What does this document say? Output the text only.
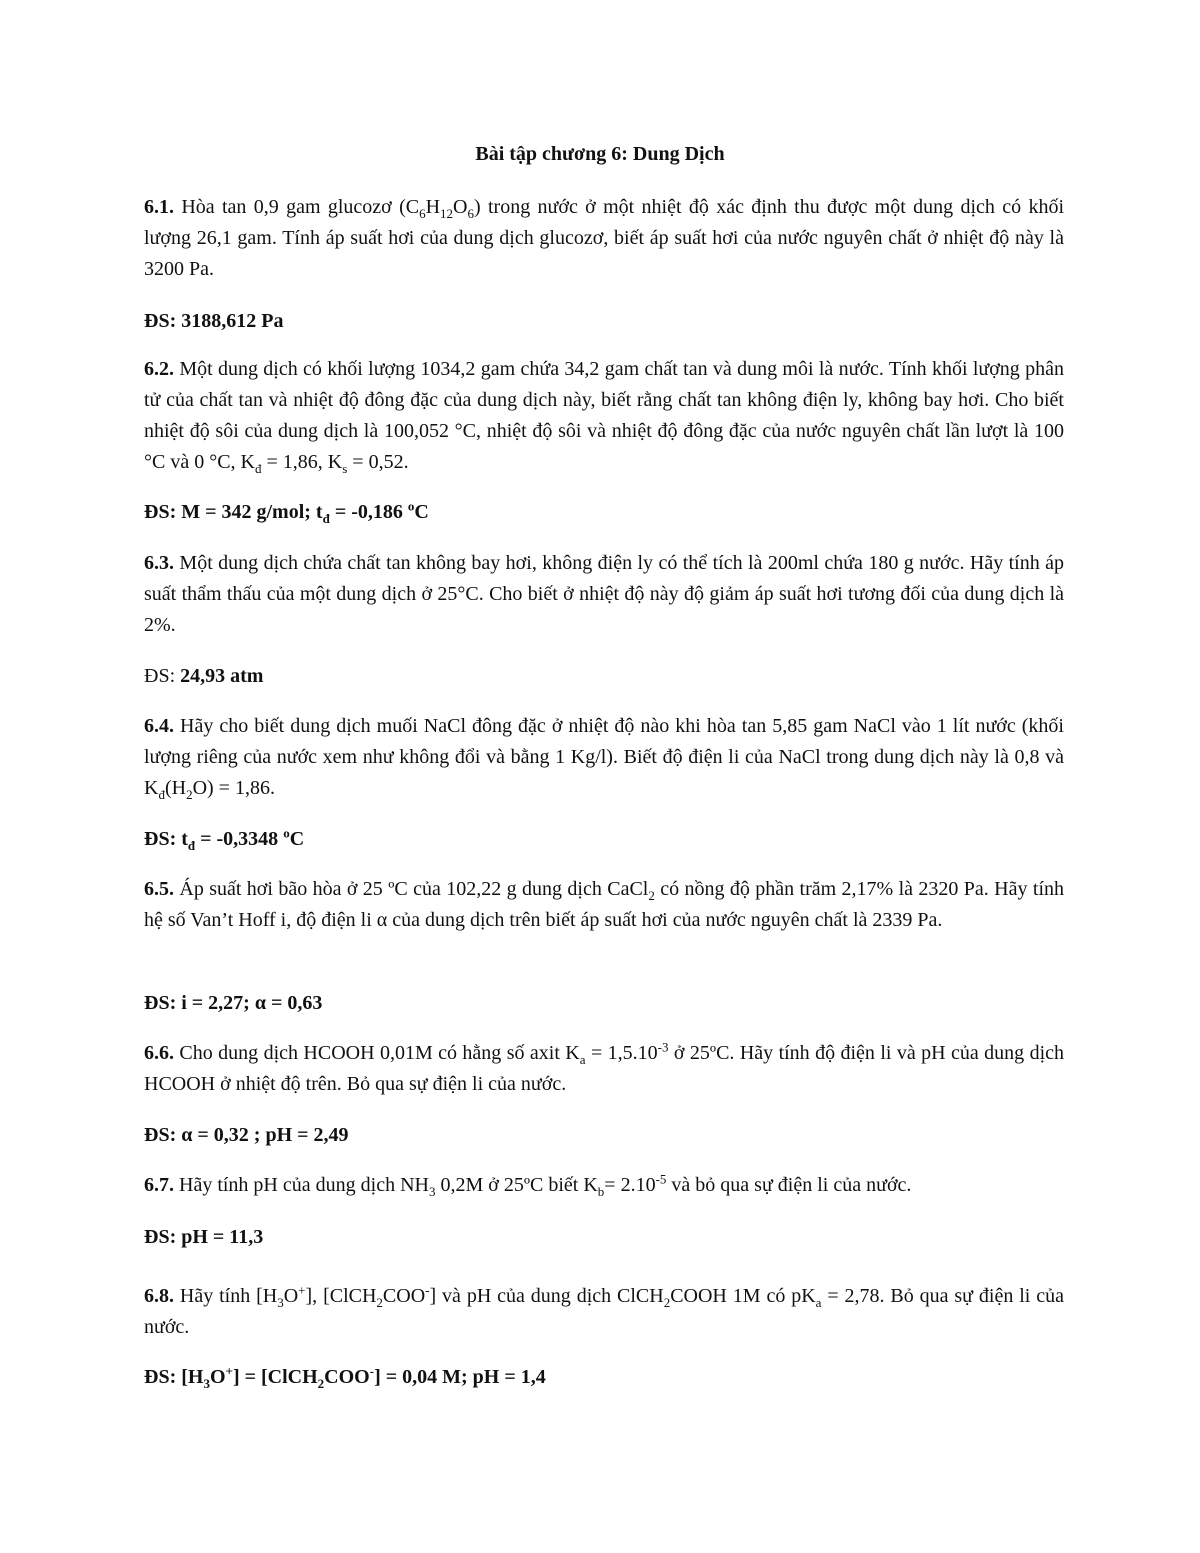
Bài tập chương 6: Dung Dịch
6.1. Hòa tan 0,9 gam glucozơ $(C_6H_{12}O_6)$ trong nước ở một nhiệt độ xác định thu được một dung dịch có khối lượng 26,1 gam. Tính áp suất hơi của dung dịch glucozơ, biết áp suất hơi của nước nguyên chất ở nhiệt độ này là 3200 Pa.
ĐS: 3188,612 Pa
6.2. Một dung dịch có khối lượng 1034,2 gam chứa 34,2 gam chất tan và dung môi là nước. Tính khối lượng phân tử của chất tan và nhiệt độ đông đặc của dung dịch này, biết rằng chất tan không điện ly, không bay hơi. Cho biết nhiệt độ sôi của dung dịch là 100,052 °C, nhiệt độ sôi và nhiệt độ đông đặc của nước nguyên chất lần lượt là 100 °C và 0 °C, $K_đ = 1,86$, $K_s = 0,52$.
ĐS: M = 342 g/mol; $t_đ = -0,186$ $^o$C
6.3. Một dung dịch chứa chất tan không bay hơi, không điện ly có thể tích là 200ml chứa 180 g nước. Hãy tính áp suất thẩm thấu của một dung dịch ở 25°C. Cho biết ở nhiệt độ này độ giảm áp suất hơi tương đối của dung dịch là 2%.
ĐS: 24,93 atm
6.4. Hãy cho biết dung dịch muối NaCl đông đặc ở nhiệt độ nào khi hòa tan 5,85 gam NaCl vào 1 lít nước (khối lượng riêng của nước xem như không đổi và bằng 1 Kg/l). Biết độ điện li của NaCl trong dung dịch này là 0,8 và $K_đ(H_2O) = 1,86$.
ĐS: $t_đ = -0,3348$ $^o$C
6.5. Áp suất hơi bão hòa ở 25 ºC của 102,22 g dung dịch CaCl$_2$ có nồng độ phần trăm 2,17% là 2320 Pa. Hãy tính hệ số Van’t Hoff i, độ điện li α của dung dịch trên biết áp suất hơi của nước nguyên chất là 2339 Pa.
ĐS: i = 2,27; α = 0,63
6.6. Cho dung dịch HCOOH 0,01M có hằng số axit $K_a = 1,5.10^{-3}$ ở 25ºC. Hãy tính độ điện li và pH của dung dịch HCOOH ở nhiệt độ trên. Bỏ qua sự điện li của nước.
ĐS: α = 0,32 ; pH = 2,49
6.7. Hãy tính pH của dung dịch $NH_3$ 0,2M ở 25ºC biết $K_b= 2.10^{-5}$ và bỏ qua sự điện li của nước.
ĐS: pH = 11,3
6.8. Hãy tính $[H_3O^+]$, [ClCH$_2$COO-] và pH của dung dịch ClCH$_2$COOH 1M có $pK_a = 2,78$. Bỏ qua sự điện li của nước.
ĐS: $[H_3O^+]$ = [ClCH$_2$COO-] = 0,04 M; pH = 1,4
